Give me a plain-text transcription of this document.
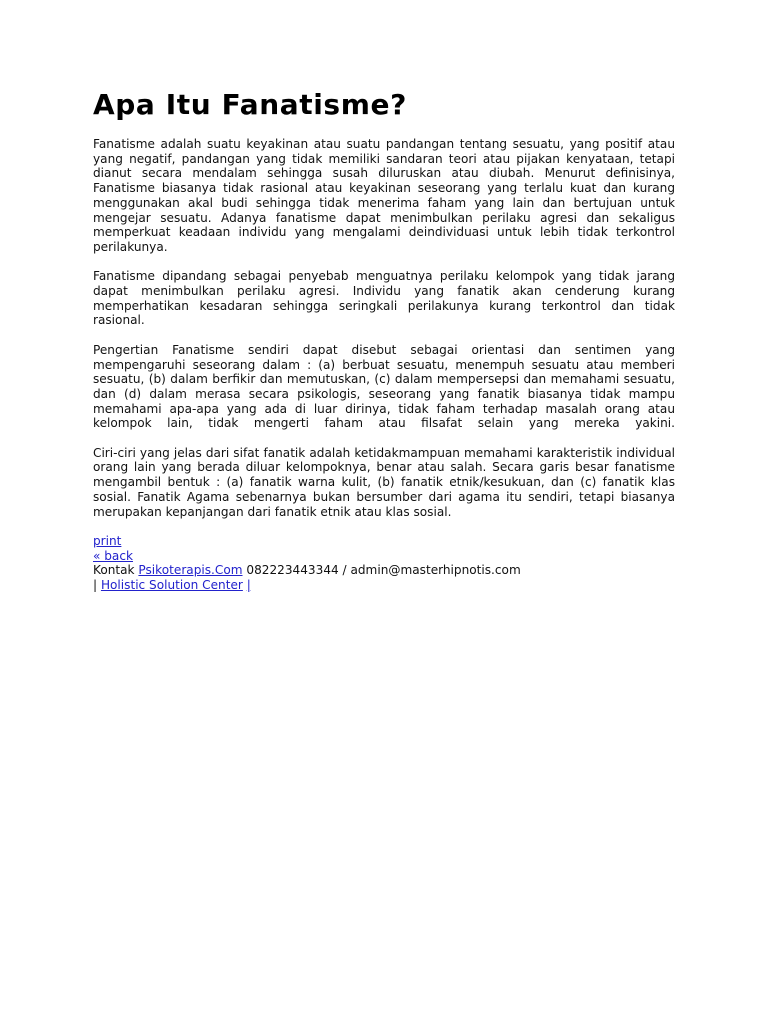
Apa Itu Fanatisme?

Fanatisme adalah suatu keyakinan atau suatu pandangan tentang sesuatu, yang positif atau yang negatif, pandangan yang tidak memiliki sandaran teori atau pijakan kenyataan, tetapi dianut secara mendalam sehingga susah diluruskan atau diubah. Menurut definisinya, Fanatisme biasanya tidak rasional atau keyakinan seseorang yang terlalu kuat dan kurang menggunakan akal budi sehingga tidak menerima faham yang lain dan bertujuan untuk mengejar sesuatu. Adanya fanatisme dapat menimbulkan perilaku agresi dan sekaligus memperkuat keadaan individu yang mengalami deindividuasi untuk lebih tidak terkontrol perilakunya.

Fanatisme dipandang sebagai penyebab menguatnya perilaku kelompok yang tidak jarang dapat menimbulkan perilaku agresi. Individu yang fanatik akan cenderung kurang memperhatikan kesadaran sehingga seringkali perilakunya kurang terkontrol dan tidak rasional.

Pengertian Fanatisme sendiri dapat disebut sebagai orientasi dan sentimen yang mempengaruhi seseorang dalam : (a) berbuat sesuatu, menempuh sesuatu atau memberi sesuatu, (b) dalam berfikir dan memutuskan, (c) dalam mempersepsi dan memahami sesuatu, dan (d) dalam merasa secara psikologis, seseorang yang fanatik biasanya tidak mampu memahami apa-apa yang ada di luar dirinya, tidak faham terhadap masalah orang atau kelompok lain, tidak mengerti faham atau filsafat selain yang mereka yakini.

Ciri-ciri yang jelas dari sifat fanatik adalah ketidakmampuan memahami karakteristik individual orang lain yang berada diluar kelompoknya, benar atau salah. Secara garis besar fanatisme mengambil bentuk : (a) fanatik warna kulit, (b) fanatik etnik/kesukuan, dan (c) fanatik klas sosial. Fanatik Agama sebenarnya bukan bersumber dari agama itu sendiri, tetapi biasanya merupakan kepanjangan dari fanatik etnik atau klas sosial.

print
« back
Kontak Psikoterapis.Com 082223443344 / admin@masterhipnotis.com
| Holistic Solution Center |
